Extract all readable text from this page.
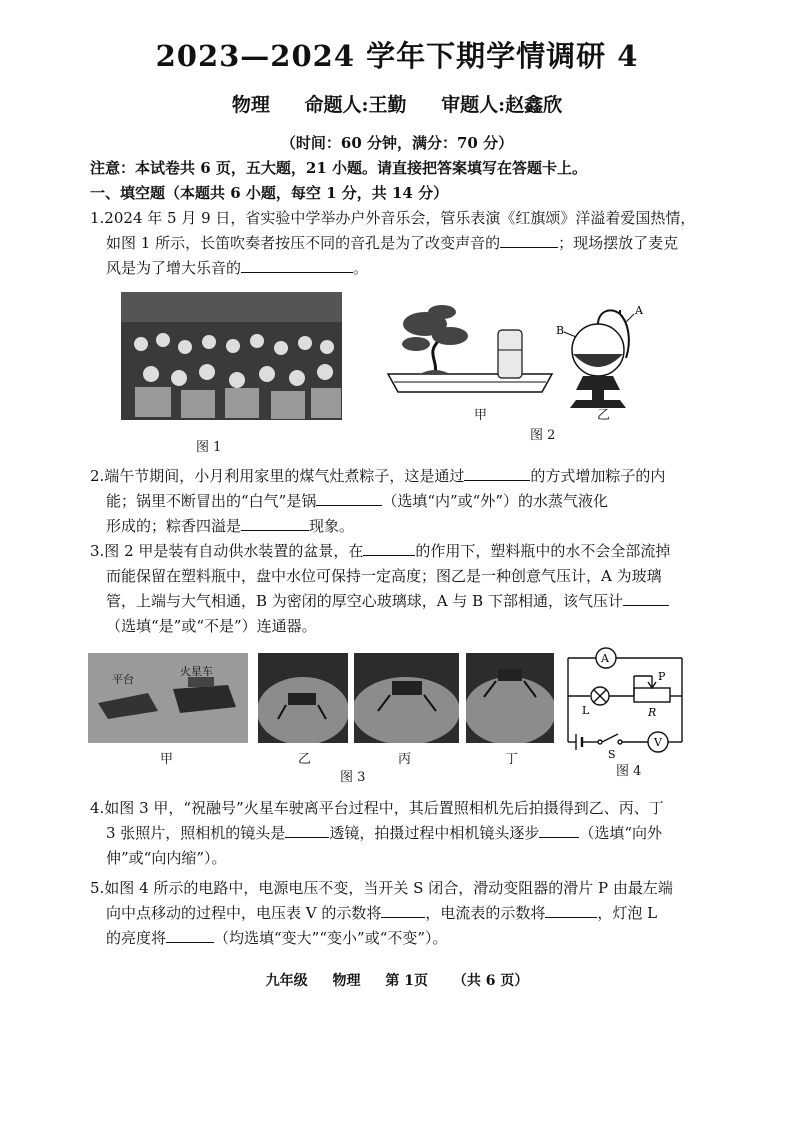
2023—2024 学年下期学情调研 4
物理 命题人:王勤 审题人:赵鑫欣
（时间：60 分钟，满分：70 分）
注意：本试卷共 6 页，五大题，21 小题。请直接把答案填写在答题卡上。
一、填空题（本题共 6 小题，每空 1 分，共 14 分）
1.2024 年 5 月 9 日，省实验中学举办户外音乐会，管乐表演《红旗颂》洋溢着爱国热情，
如图 1 所示，长笛吹奏者按压不同的音孔是为了改变声音的	；现场摆放了麦克
风是为了增大乐音的	。
图 1
B
A
甲	乙
图 2
2.端午节期间，小月利用家里的煤气灶煮粽子，这是通过	的方式增加粽子的内
能；锅里不断冒出的“白气”是锅	（选填“内”或“外”）的水蒸气液化
形成的；粽香四溢是	现象。
3.图 2 甲是装有自动供水装置的盆景，在	的作用下，塑料瓶中的水不会全部流掉
而能保留在塑料瓶中，盘中水位可保持一定高度；图乙是一种创意气压计，A 为玻璃
管，上端与大气相通，B 为密闭的厚空心玻璃球，A 与 B 下部相通，该气压计
（选填“是”或“不是”）连通器。
平台
火星车
甲	乙	丙	丁
图 3
A
V
P
R
L
S
图 4
4.如图 3 甲，“祝融号”火星车驶离平台过程中，其后置照相机先后拍摄得到乙、丙、丁
3 张照片，照相机的镜头是	透镜，拍摄过程中相机镜头逐步	（选填“向外
伸”或“向内缩”）。
5.如图 4 所示的电路中，电源电压不变，当开关 S 闭合，滑动变阻器的滑片 P 由最左端
向中点移动的过程中，电压表 V 的示数将	，电流表的示数将	，灯泡 L
的亮度将	（均选填“变大”“变小”或“不变”）。
九年级 物理 第 1页 （共 6 页）
